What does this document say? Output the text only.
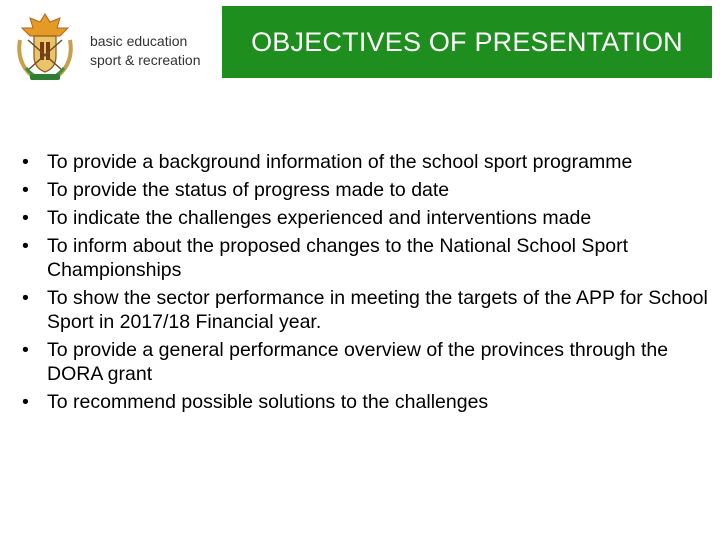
basic education
sport & recreation
OBJECTIVES OF PRESENTATION
• To provide a background information of the school sport programme
• To provide the status of progress made to date
• To indicate the challenges experienced and interventions made
• To inform about the proposed changes to the National School Sport Championships
• To show the sector performance in meeting the targets of the APP for School Sport in 2017/18 Financial year.
• To provide a general performance overview of the provinces through the DORA grant
• To recommend possible solutions to the challenges
